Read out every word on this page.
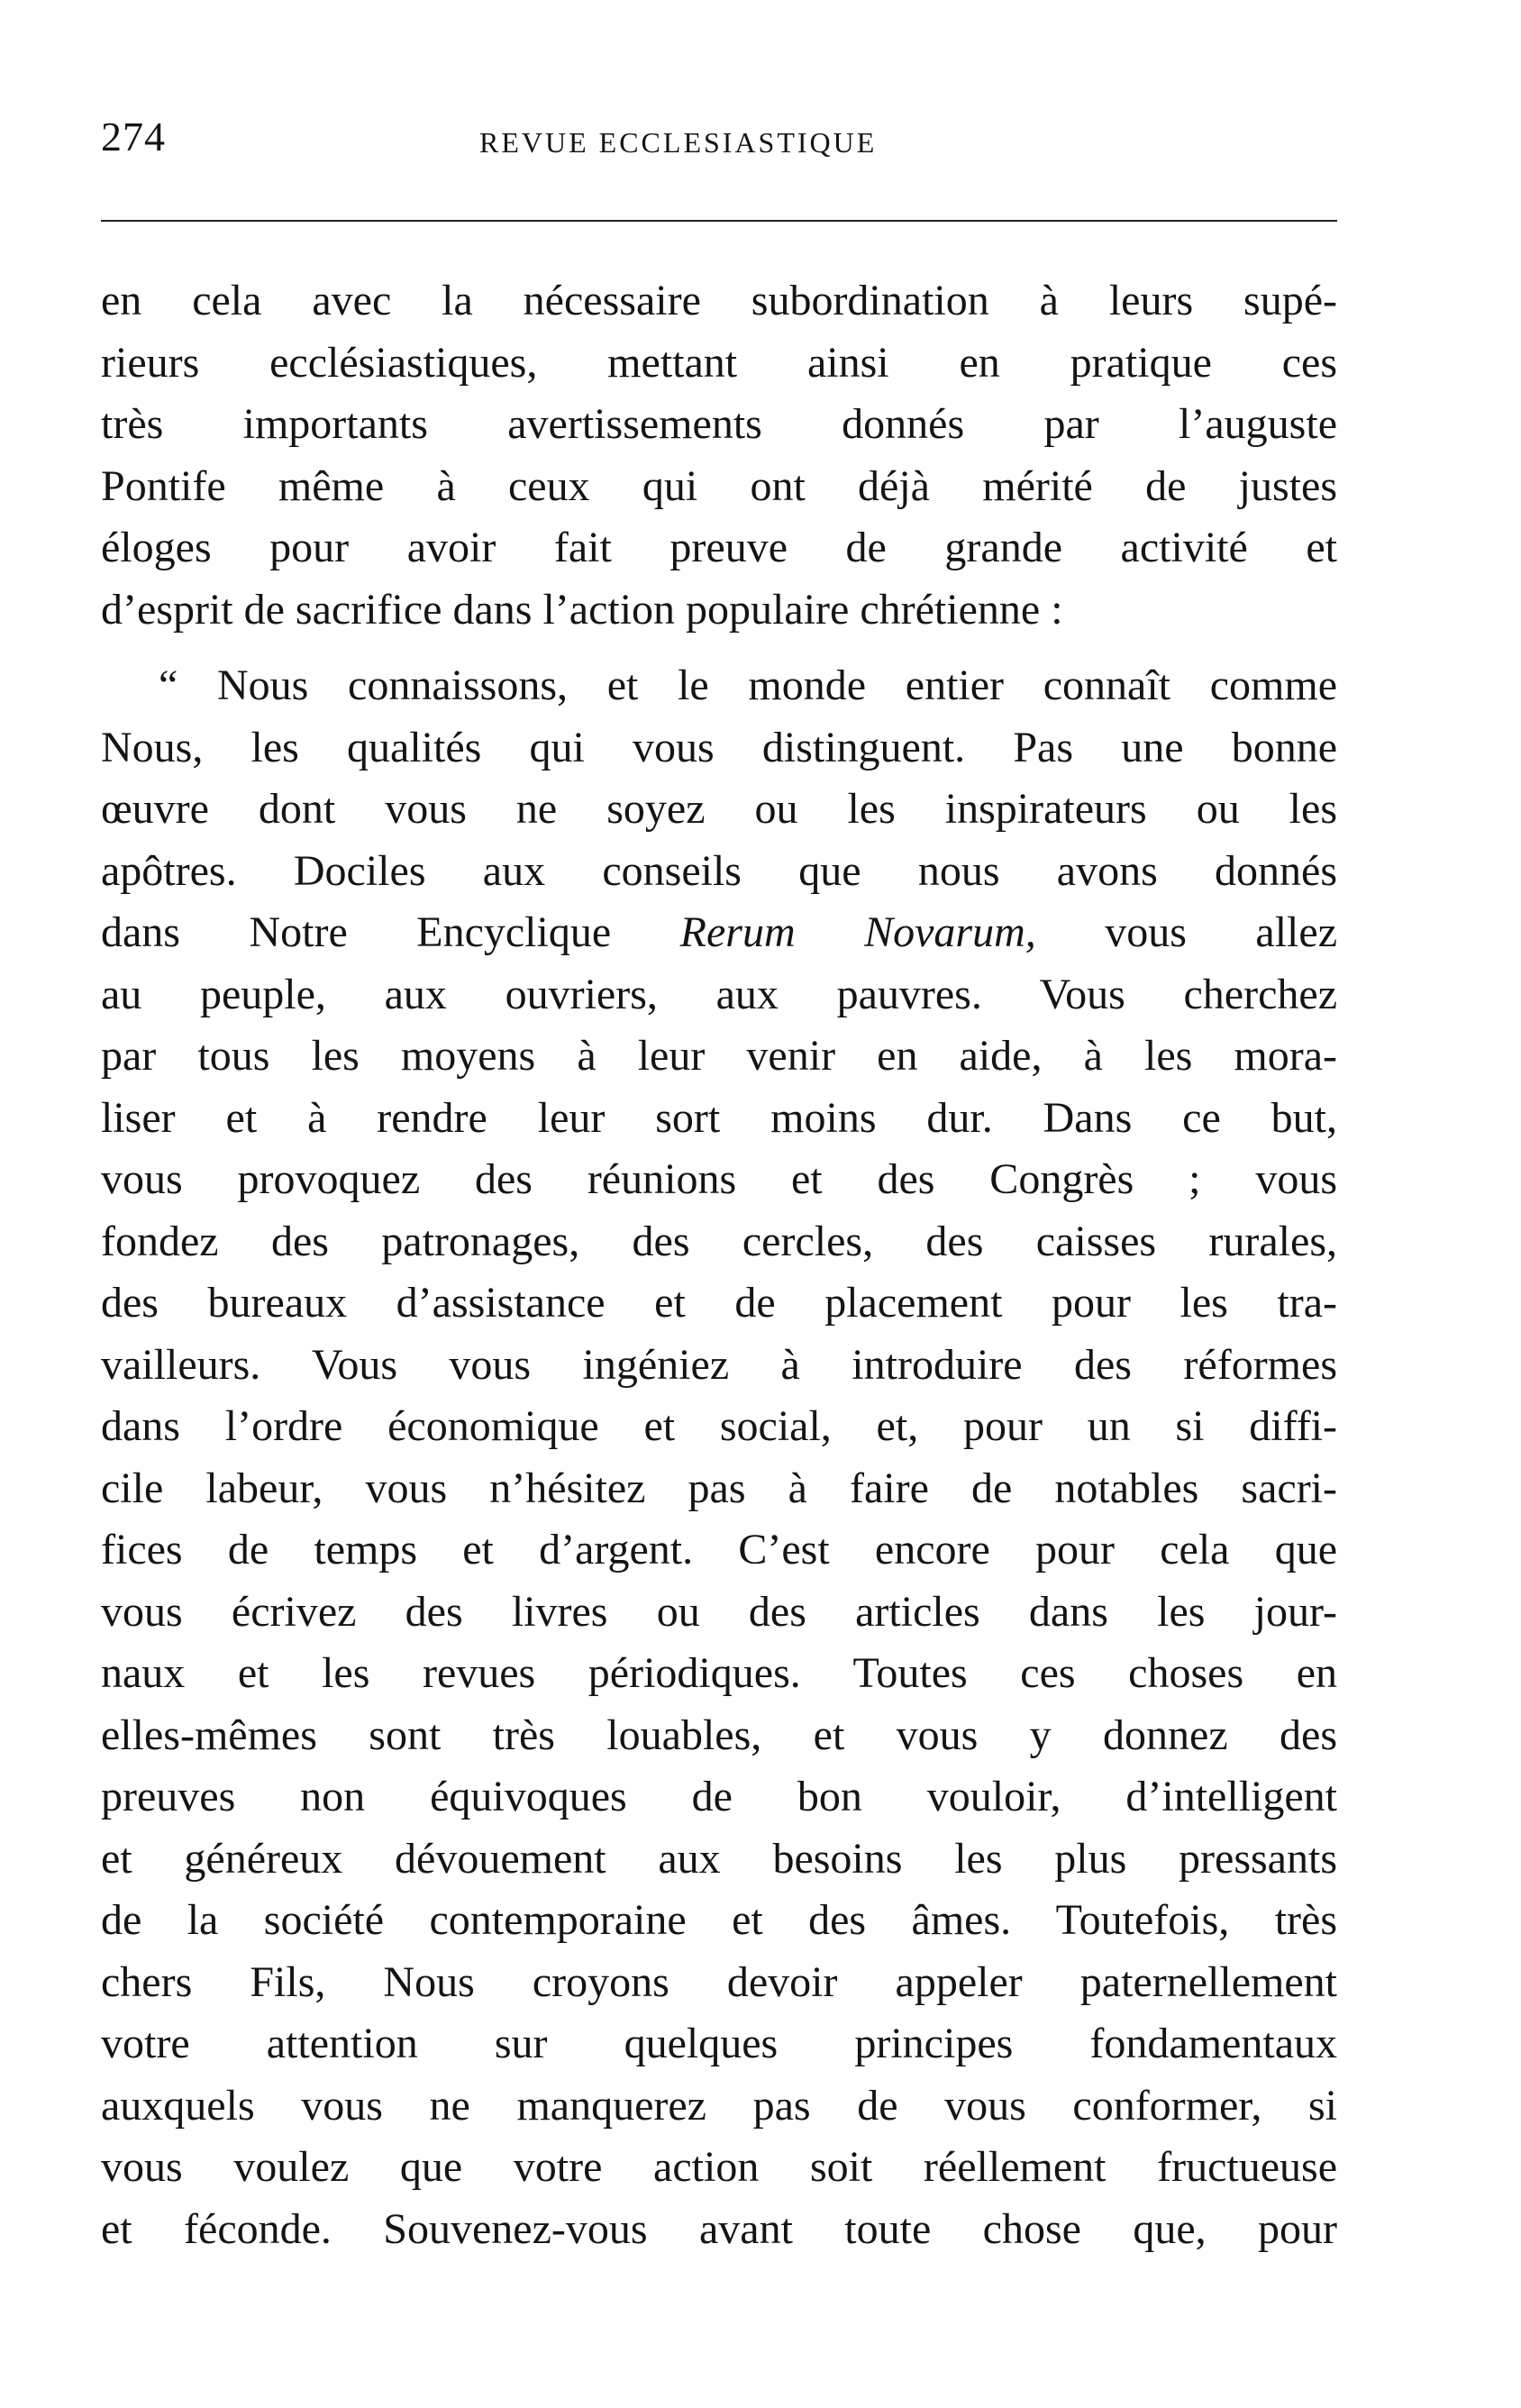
274	REVUE ECCLESIASTIQUE
en cela avec la nécessaire subordination à leurs supé-
rieurs ecclésiastiques, mettant ainsi en pratique ces
très importants avertissements donnés par l’auguste
Pontife même à ceux qui ont déjà mérité de justes
éloges pour avoir fait preuve de grande activité et
d’esprit de sacrifice dans l’action populaire chrétienne :
“ Nous connaissons, et le monde entier connaît comme
Nous, les qualités qui vous distinguent. Pas une bonne
œuvre dont vous ne soyez ou les inspirateurs ou les
apôtres. Dociles aux conseils que nous avons donnés
dans Notre Encyclique Rerum Novarum, vous allez
au peuple, aux ouvriers, aux pauvres. Vous cherchez
par tous les moyens à leur venir en aide, à les mora-
liser et à rendre leur sort moins dur. Dans ce but,
vous provoquez des réunions et des Congrès ; vous
fondez des patronages, des cercles, des caisses rurales,
des bureaux d’assistance et de placement pour les tra-
vailleurs. Vous vous ingéniez à introduire des réformes
dans l’ordre économique et social, et, pour un si diffi-
cile labeur, vous n’hésitez pas à faire de notables sacri-
fices de temps et d’argent. C’est encore pour cela que
vous écrivez des livres ou des articles dans les jour-
naux et les revues périodiques. Toutes ces choses en
elles-mêmes sont très louables, et vous y donnez des
preuves non équivoques de bon vouloir, d’intelligent
et généreux dévouement aux besoins les plus pressants
de la société contemporaine et des âmes. Toutefois, très
chers Fils, Nous croyons devoir appeler paternellement
votre attention sur quelques principes fondamentaux
auxquels vous ne manquerez pas de vous conformer, si
vous voulez que votre action soit réellement fructueuse
et féconde. Souvenez-vous avant toute chose que, pour
